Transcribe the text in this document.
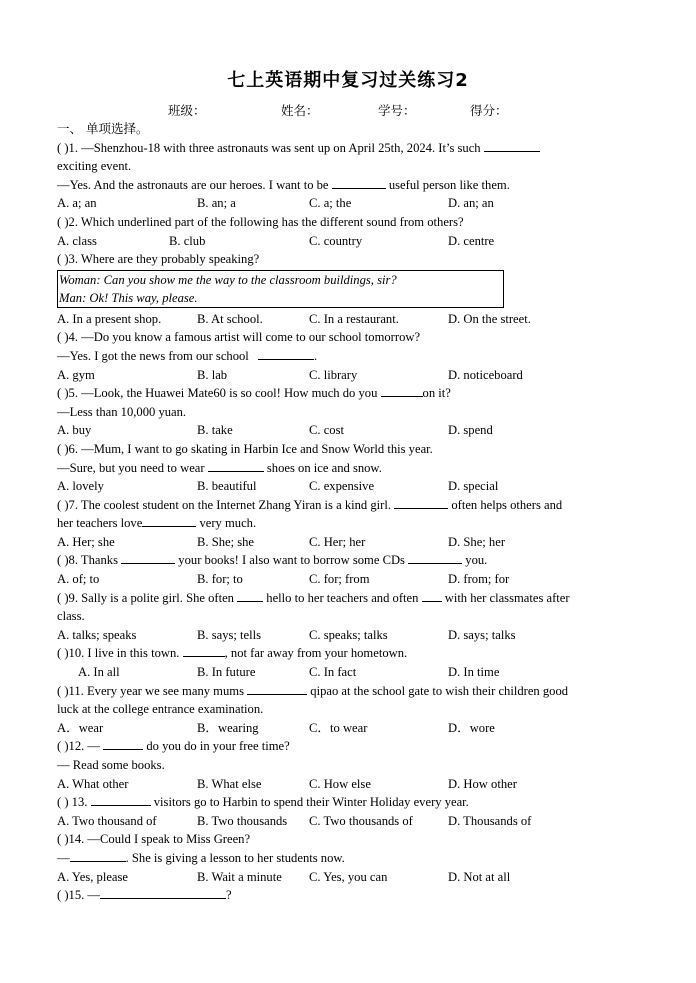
七上英语期中复习过关练习2
班级：	姓名：	学号：	得分：
一、 单项选择。
( )1. —Shenzhou-18 with three astronauts was sent up on April 25th, 2024. It’s such
exciting event.
—Yes. And the astronauts are our heroes. I want to be	useful person like them.
A. a; an	B. an; a	C. a; the	D. an; an
( )2. Which underlined part of the following has the different sound from others?
A. class	B. club	C. country	D. centre
( )3. Where are they probably speaking?
Woman: Can you show me the way to the classroom buildings, sir?
Man: Ok! This way, please.
A. In a present shop.	B. At school.	C. In a restaurant.	D. On the street.
( )4. —Do you know a famous artist will come to our school tomorrow?
—Yes. I got the news from our school	.
A. gym	B. lab	C. library	D. noticeboard
( )5. —Look, the Huawei Mate60 is so cool! How much do you	on it?
—Less than 10,000 yuan.
A. buy	B. take	C. cost	D. spend
( )6. —Mum, I want to go skating in Harbin Ice and Snow World this year.
—Sure, but you need to wear	shoes on ice and snow.
A. lovely	B. beautiful	C. expensive	D. special
( )7. The coolest student on the Internet Zhang Yiran is a kind girl.	often helps others and
her teachers love	very much.
A. Her; she	B. She; she	C. Her; her	D. She; her
( )8. Thanks	your books! I also want to borrow some CDs	you.
A. of; to	B. for; to	C. for; from	D. from; for
( )9. Sally is a polite girl. She often	hello to her teachers and often with her classmates after
class.
A. talks; speaks	B. says; tells	C. speaks; talks	D. says; talks
( )10. I live in this town.	, not far away from your hometown.
A. In all	B. In future	C. In fact	D. In time
( )11. Every year we see many mums	qipao at the school gate to wish their children good
luck at the college entrance examination.
A．wear	B．wearing	C．to wear	D．wore
( )12. —	do you do in your free time?
— Read some books.
A. What other	B. What else	C. How else	D. How other
( ) 13.	visitors go to Harbin to spend their Winter Holiday every year.
A. Two thousand of	B. Two thousands C. Two thousands of	D. Thousands of
( )14. —Could I speak to Miss Green?
—	. She is giving a lesson to her students now.
A. Yes, please	B. Wait a minute C. Yes, you can	D. Not at all
( )15. —	?
